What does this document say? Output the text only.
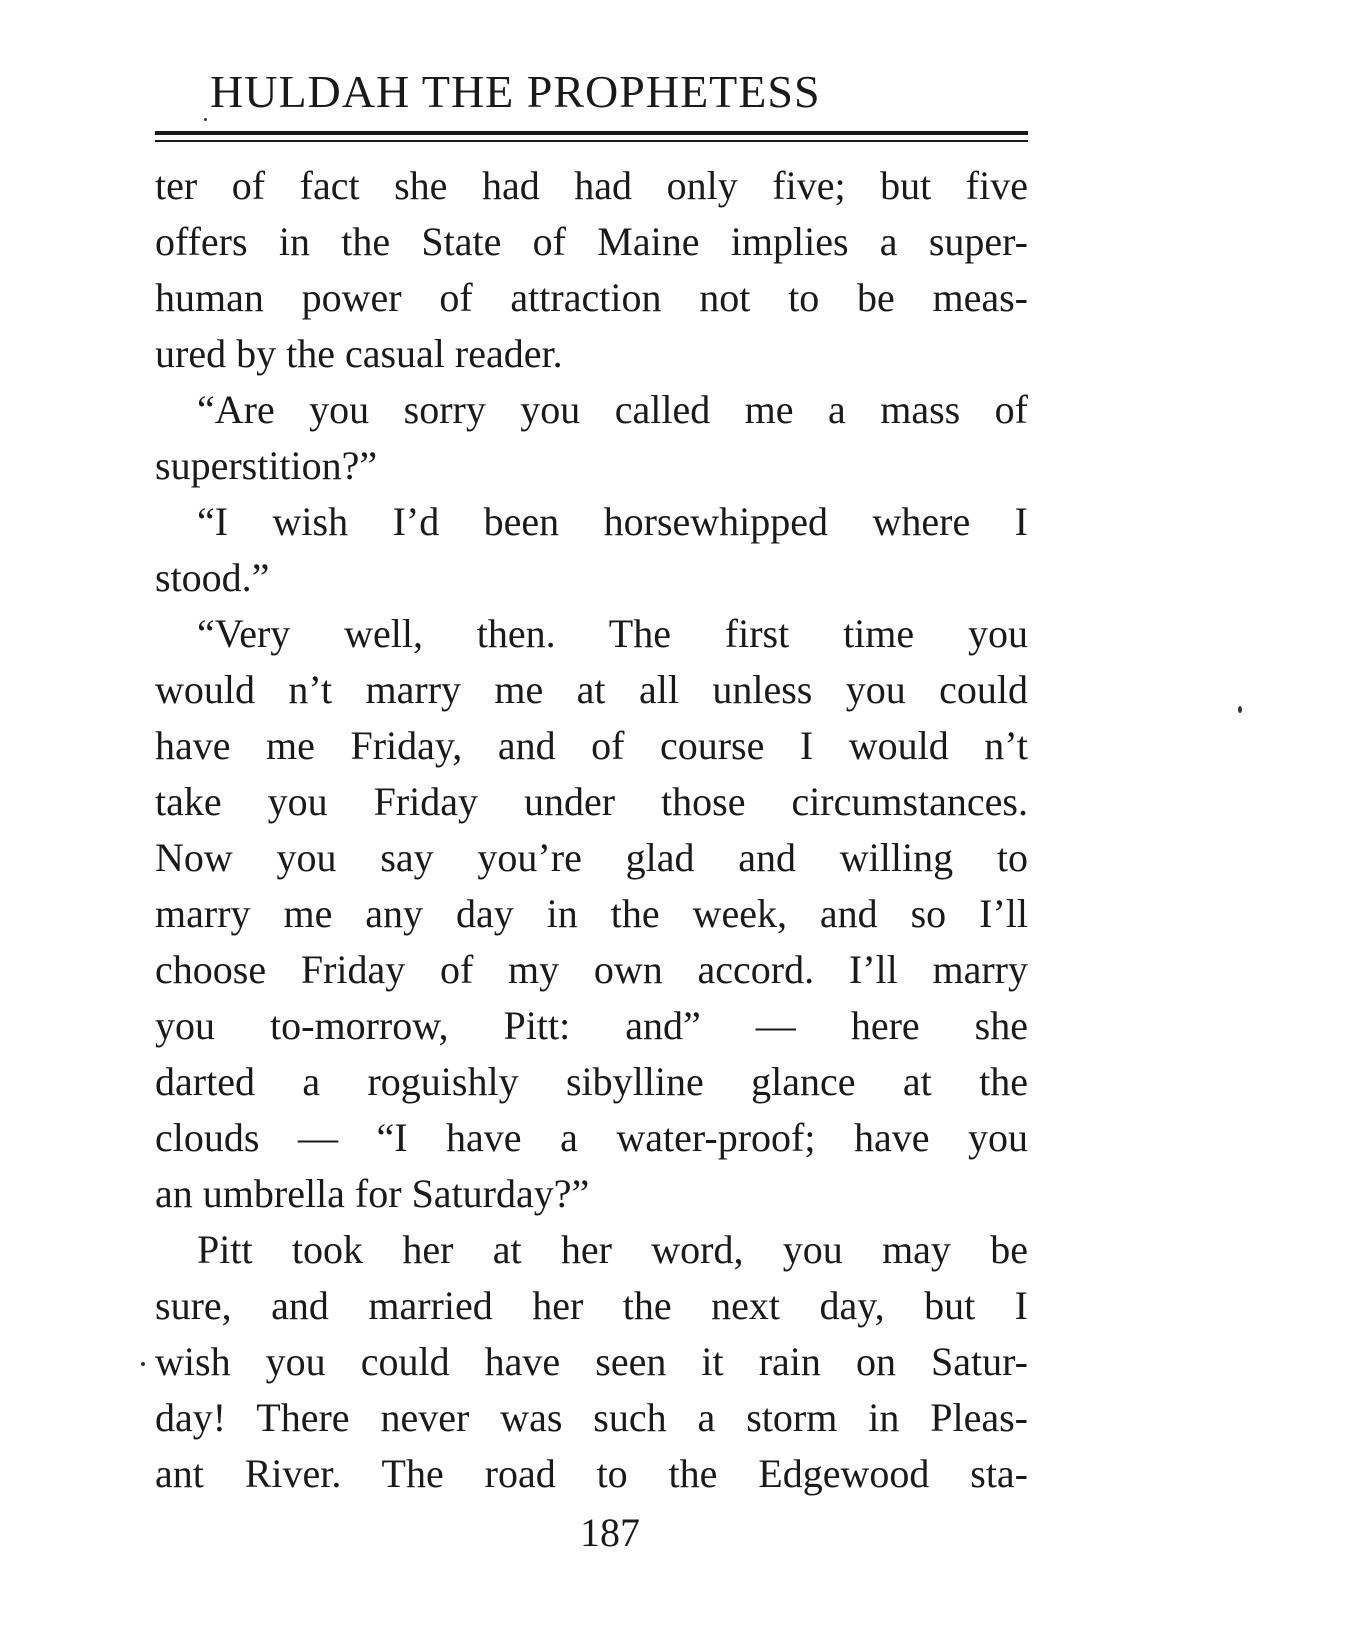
HULDAH THE PROPHETESS
ter of fact she had had only five; but five
offers in the State of Maine implies a super-
human power of attraction not to be meas-
ured by the casual reader.
“Are you sorry you called me a mass of
superstition?”
“I wish I’d been horsewhipped where I
stood.”
“Very well, then. The first time you
would n’t marry me at all unless you could
have me Friday, and of course I would n’t
take you Friday under those circumstances.
Now you say you’re glad and willing to
marry me any day in the week, and so I’ll
choose Friday of my own accord. I’ll marry
you to-morrow, Pitt: and” — here she
darted a roguishly sibylline glance at the
clouds — “I have a water-proof; have you
an umbrella for Saturday?”
Pitt took her at her word, you may be
sure, and married her the next day, but I
wish you could have seen it rain on Satur-
day! There never was such a storm in Pleas-
ant River. The road to the Edgewood sta-
187
